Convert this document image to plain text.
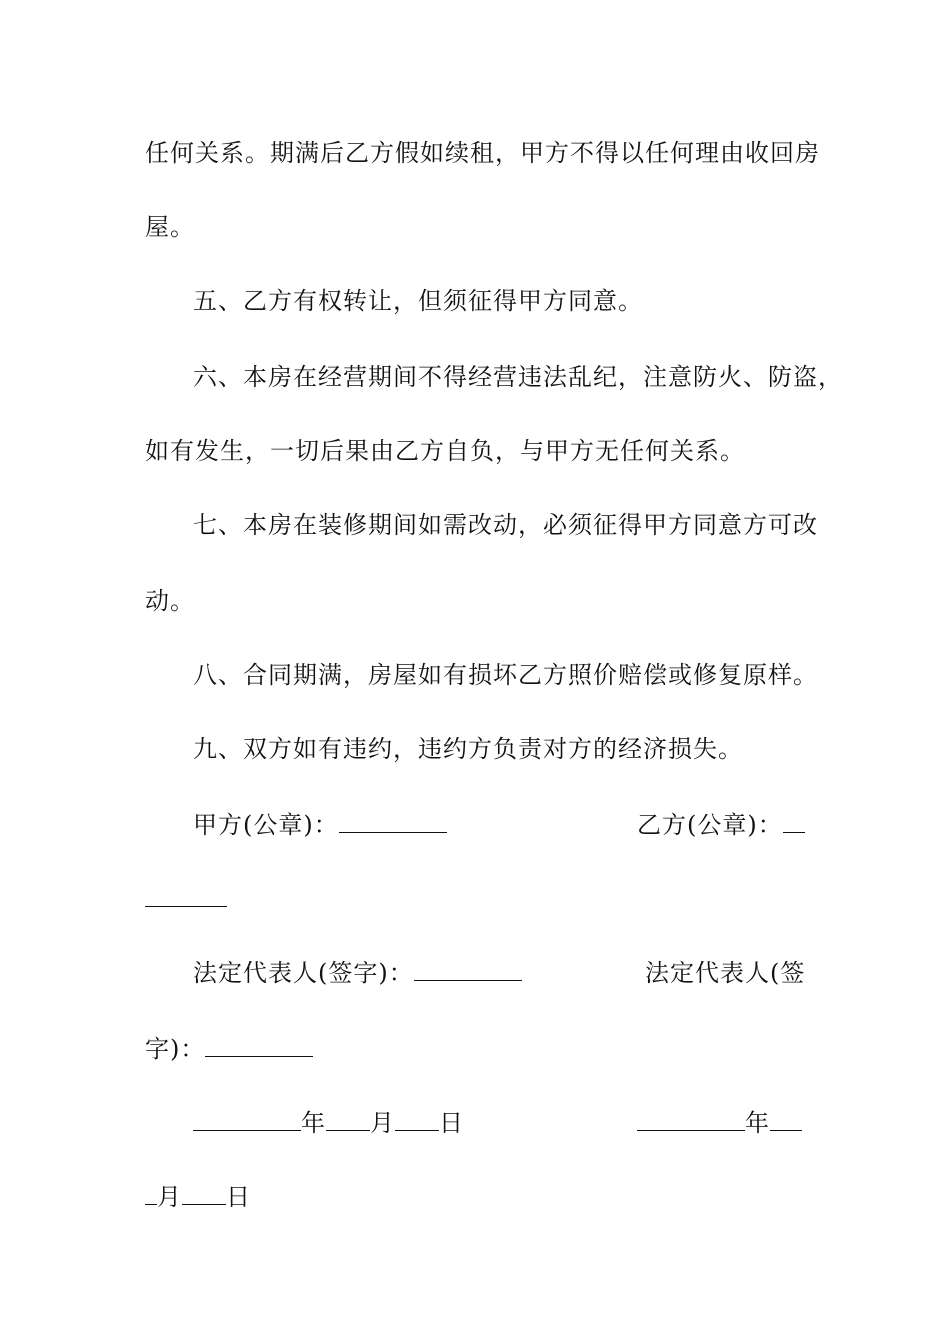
任何关系。期满后乙方假如续租，甲方不得以任何理由收回房
屋。
五、乙方有权转让，但须征得甲方同意。
六、本房在经营期间不得经营违法乱纪，注意防火、防盗，
如有发生，一切后果由乙方自负，与甲方无任何关系。
七、本房在装修期间如需改动，必须征得甲方同意方可改
动。
八、合同期满，房屋如有损坏乙方照价赔偿或修复原样。
九、双方如有违约，违约方负责对方的经济损失。
甲方(公章)：	乙方(公章)：
法定代表人(签字)：	法定代表人(签
字)：
年 月 日	年
月 日
